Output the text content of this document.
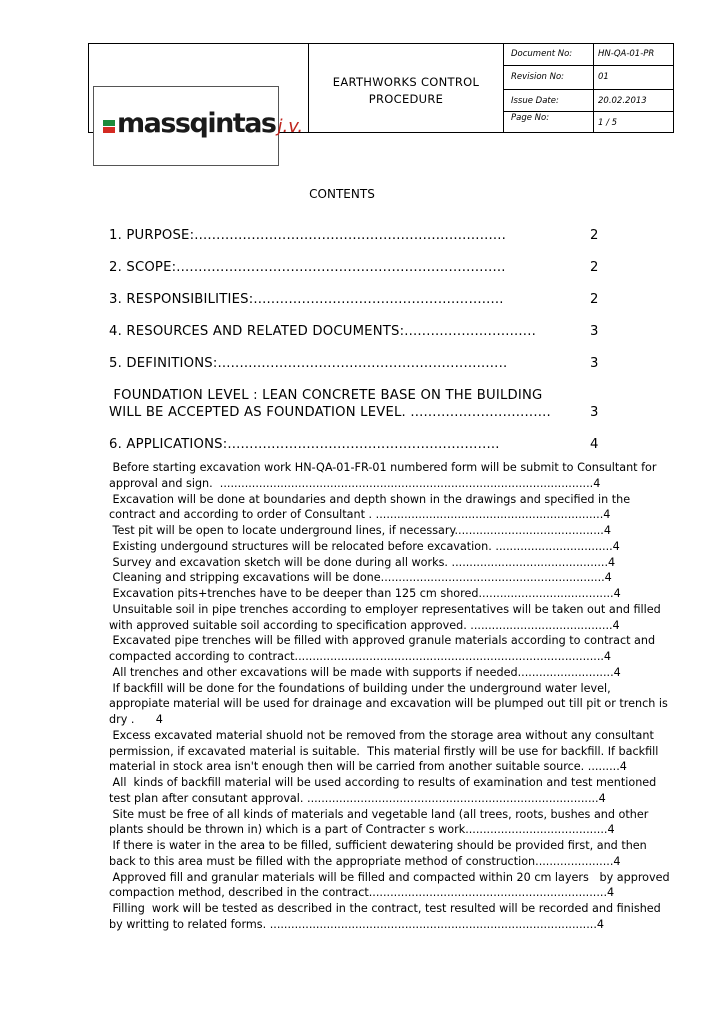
EARTHWORKS CONTROL
PROCEDURE
Document No:	HN-QA-01-PR
Revision No:	01
Issue Date:	20.02.2013
Page No:	1 / 5
massqintas j.v.
CONTENTS
1. PURPOSE:.......................................................................	2
2. SCOPE:...........................................................................	2
3. RESPONSIBILITIES:.........................................................	2
4. RESOURCES AND RELATED DOCUMENTS:..............................	3
5. DEFINITIONS:..................................................................	3
FOUNDATION LEVEL : LEAN CONCRETE BASE ON THE BUILDING
WILL BE ACCEPTED AS FOUNDATION LEVEL. ................................	3
6. APPLICATIONS:..............................................................	4

Before starting excavation work HN-QA-01-FR-01 numbered form will be submit to Consultant for

approval and sign.  .........................................................................................................4

Excavation will be done at boundaries and depth shown in the drawings and specified in the

contract and according to order of Consultant . ................................................................4

Test pit will be open to locate underground lines, if necessary..........................................4

Existing undergound structures will be relocated before excavation. .................................4

Survey and excavation sketch will be done during all works. ............................................4

Cleaning and stripping excavations will be done...............................................................4

Excavation pits+trenches have to be deeper than 125 cm shored......................................4

Unsuitable soil in pipe trenches according to employer representatives will be taken out and filled

with approved suitable soil according to specification approved. ........................................4

Excavated pipe trenches will be filled with approved granule materials according to contract and

compacted according to contract.......................................................................................4

All trenches and other excavations will be made with supports if needed...........................4

If backfill will be done for the foundations of building under the underground water level,

appropiate material will be used for drainage and excavation will be plumped out till pit or trench is

dry .      4

Excess excavated material shuold not be removed from the storage area without any consultant

permission, if excavated material is suitable.  This material firstly will be use for backfill. If backfill

material in stock area isn't enough then will be carried from another suitable source. .........4

All  kinds of backfill material will be used according to results of examination and test mentioned

test plan after consutant approval. ..................................................................................4

Site must be free of all kinds of materials and vegetable land (all trees, roots, bushes and other

plants should be thrown in) which is a part of Contracter s work........................................4

If there is water in the area to be filled, sufficient dewatering should be provided first, and then

back to this area must be filled with the appropriate method of construction......................4

Approved fill and granular materials will be filled and compacted within 20 cm layers   by approved

compaction method, described in the contract...................................................................4

Filling  work will be tested as described in the contract, test resulted will be recorded and finished

by writting to related forms. ............................................................................................4
